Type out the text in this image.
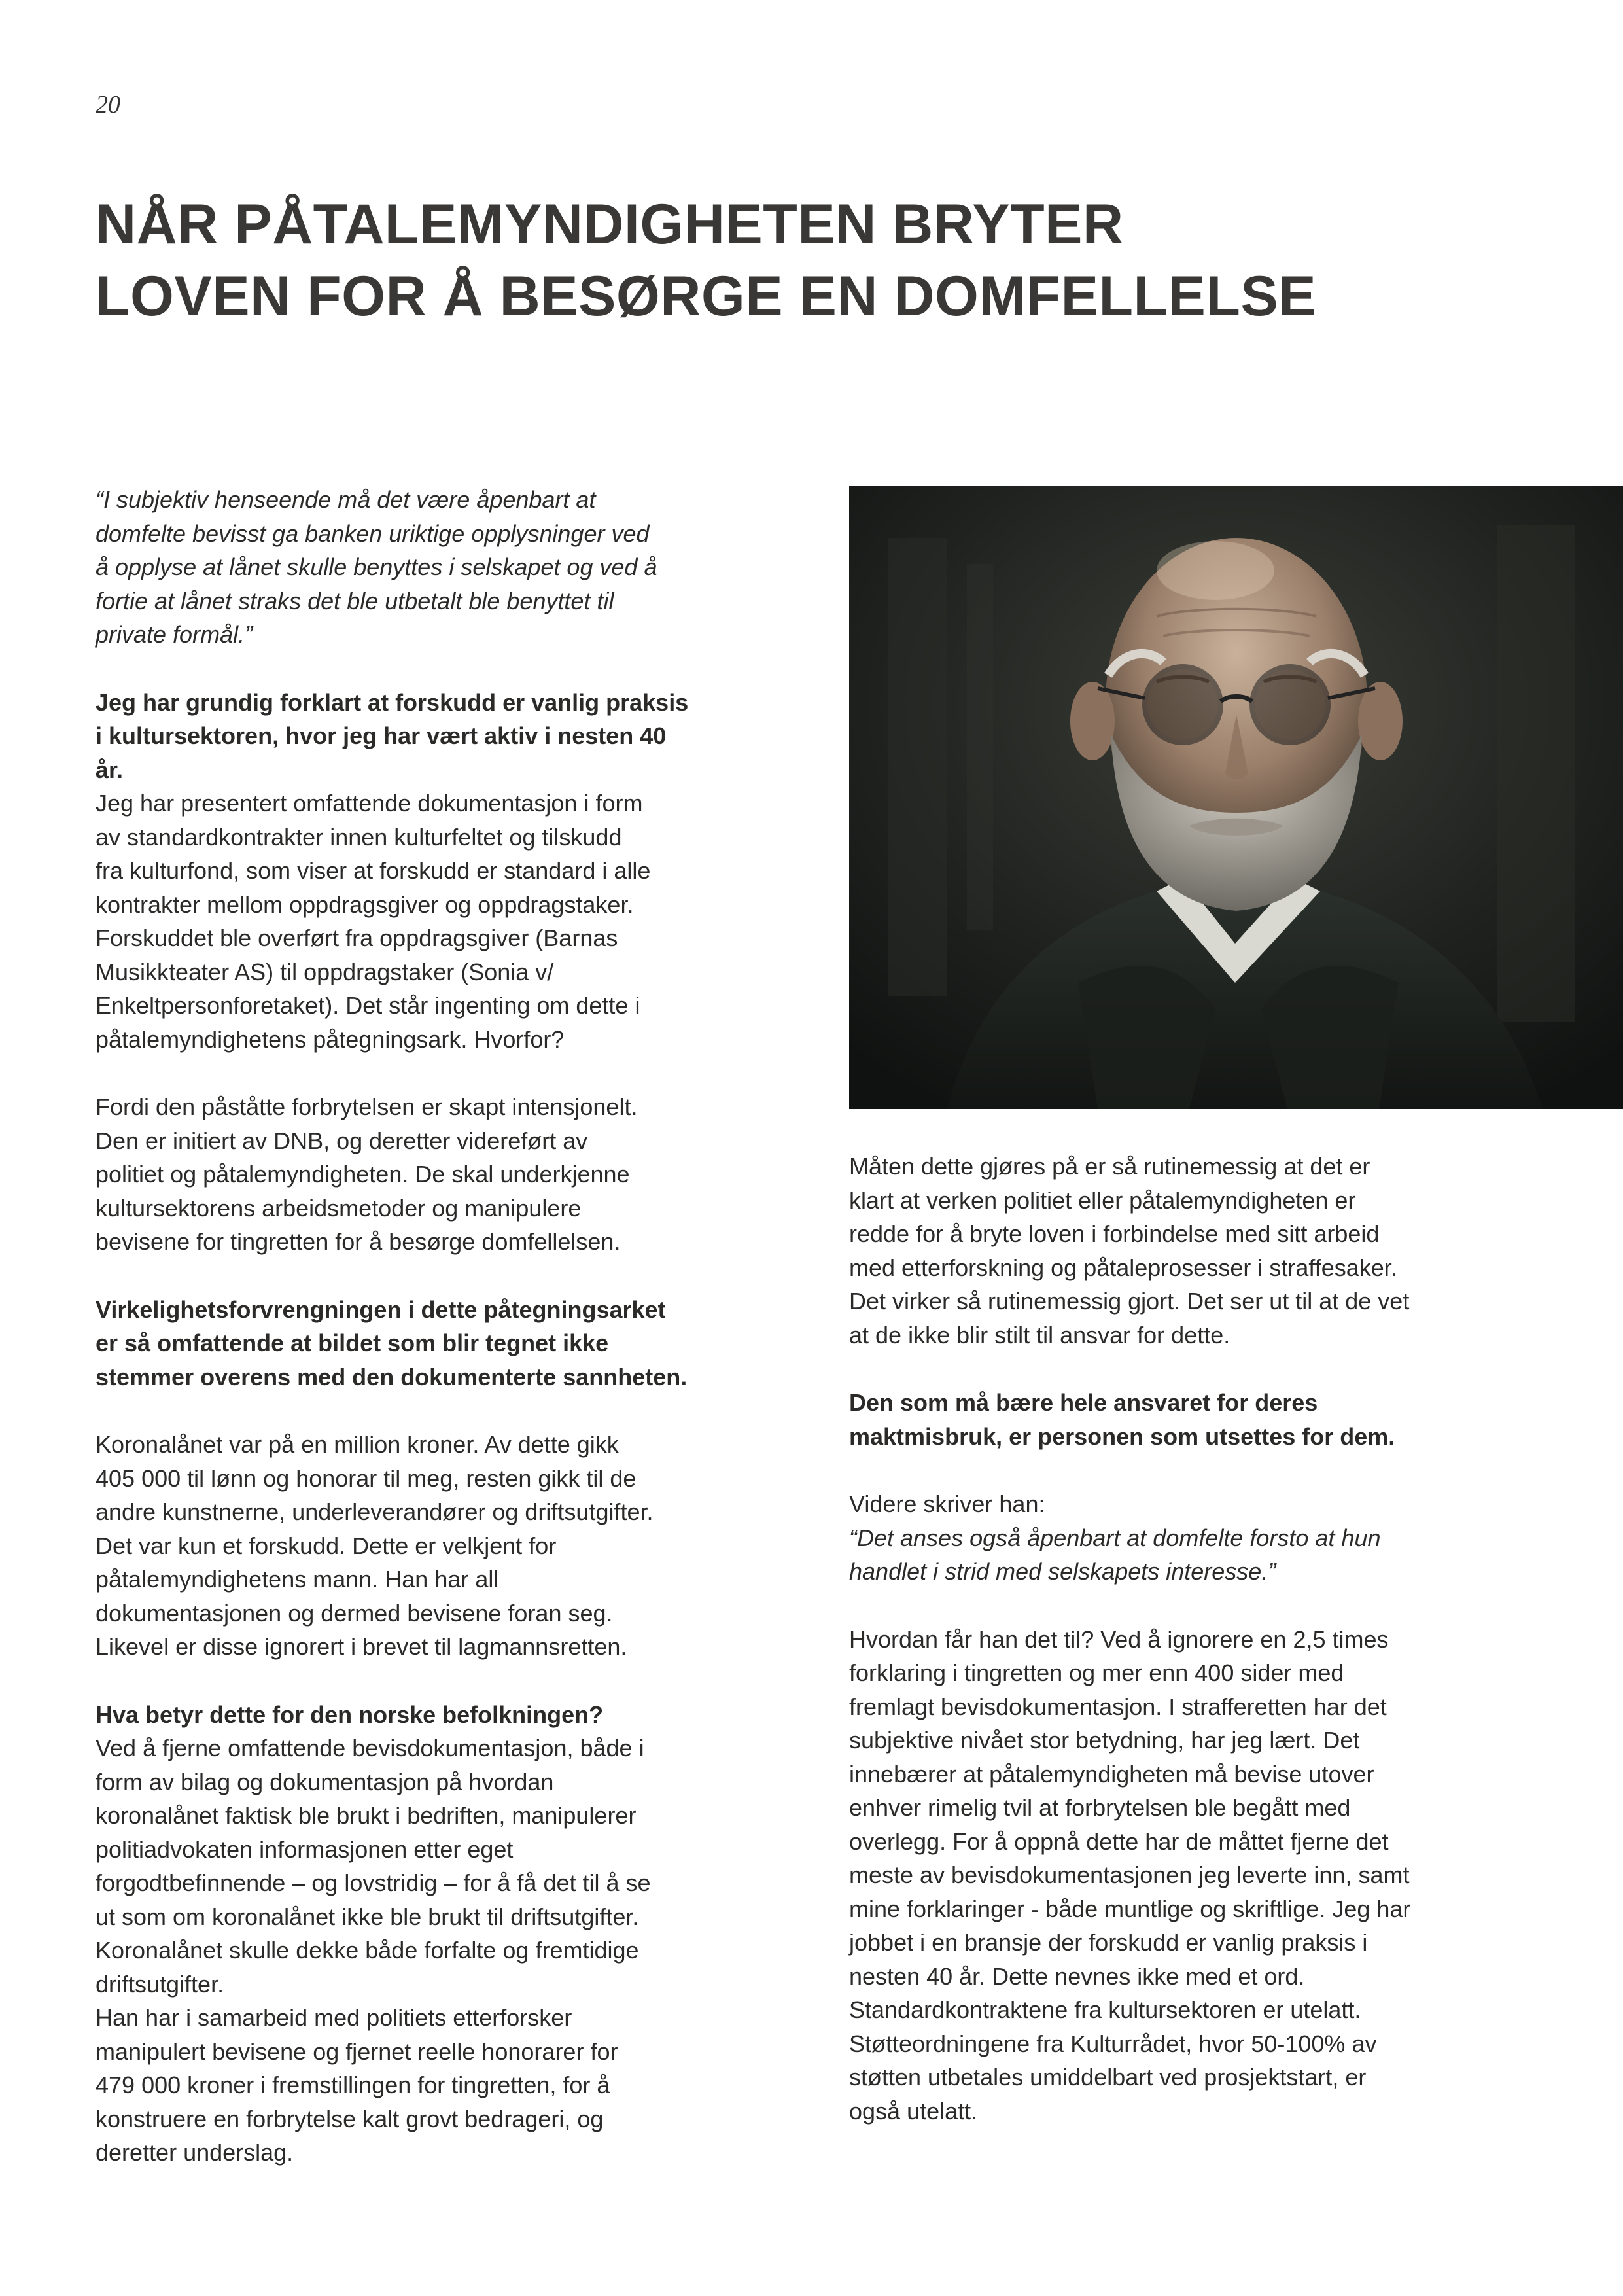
20
NÅR PÅTALEMYNDIGHETEN BRYTER
LOVEN FOR Å BESØRGE EN DOMFELLELSE
“I subjektiv henseende må det være åpenbart at
domfelte bevisst ga banken uriktige opplysninger ved
å opplyse at lånet skulle benyttes i selskapet og ved å
fortie at lånet straks det ble utbetalt ble benyttet til
private formål.”
Jeg har grundig forklart at forskudd er vanlig praksis
i kultursektoren, hvor jeg har vært aktiv i nesten 40
år.
Jeg har presentert omfattende dokumentasjon i form
av standardkontrakter innen kulturfeltet og tilskudd
fra kulturfond, som viser at forskudd er standard i alle
kontrakter mellom oppdragsgiver og oppdragstaker.
Forskuddet ble overført fra oppdragsgiver (Barnas
Musikkteater AS) til oppdragstaker (Sonia v/
Enkeltpersonforetaket). Det står ingenting om dette i
påtalemyndighetens påtegningsark. Hvorfor?
Fordi den påståtte forbrytelsen er skapt intensjonelt.
Den er initiert av DNB, og deretter videreført av
politiet og påtalemyndigheten. De skal underkjenne
kultursektorens arbeidsmetoder og manipulere
bevisene for tingretten for å besørge domfellelsen.
Virkelighetsforvrengningen i dette påtegningsarket
er så omfattende at bildet som blir tegnet ikke
stemmer overens med den dokumenterte sannheten.
Koronalånet var på en million kroner. Av dette gikk
405 000 til lønn og honorar til meg, resten gikk til de
andre kunstnerne, underleverandører og driftsutgifter.
Det var kun et forskudd. Dette er velkjent for
påtalemyndighetens mann. Han har all
dokumentasjonen og dermed bevisene foran seg.
Likevel er disse ignorert i brevet til lagmannsretten.
Hva betyr dette for den norske befolkningen?
Ved å fjerne omfattende bevisdokumentasjon, både i
form av bilag og dokumentasjon på hvordan
koronalånet faktisk ble brukt i bedriften, manipulerer
politiadvokaten informasjonen etter eget
forgodtbefinnende – og lovstridig – for å få det til å se
ut som om koronalånet ikke ble brukt til driftsutgifter.
Koronalånet skulle dekke både forfalte og fremtidige
driftsutgifter.
Han har i samarbeid med politiets etterforsker
manipulert bevisene og fjernet reelle honorarer for
479 000 kroner i fremstillingen for tingretten, for å
konstruere en forbrytelse kalt grovt bedrageri, og
deretter underslag.
Måten dette gjøres på er så rutinemessig at det er
klart at verken politiet eller påtalemyndigheten er
redde for å bryte loven i forbindelse med sitt arbeid
med etterforskning og påtaleprosesser i straffesaker.
Det virker så rutinemessig gjort. Det ser ut til at de vet
at de ikke blir stilt til ansvar for dette.
Den som må bære hele ansvaret for deres
maktmisbruk, er personen som utsettes for dem.

Videre skriver han:

“Det anses også åpenbart at domfelte forsto at hun
handlet i strid med selskapets interesse.”
Hvordan får han det til? Ved å ignorere en 2,5 times
forklaring i tingretten og mer enn 400 sider med
fremlagt bevisdokumentasjon. I strafferetten har det
subjektive nivået stor betydning, har jeg lært. Det
innebærer at påtalemyndigheten må bevise utover
enhver rimelig tvil at forbrytelsen ble begått med
overlegg. For å oppnå dette har de måttet fjerne det
meste av bevisdokumentasjonen jeg leverte inn, samt
mine forklaringer - både muntlige og skriftlige. Jeg har
jobbet i en bransje der forskudd er vanlig praksis i
nesten 40 år. Dette nevnes ikke med et ord.
Standardkontraktene fra kultursektoren er utelatt.
Støtteordningene fra Kulturrådet, hvor 50-100% av
støtten utbetales umiddelbart ved prosjektstart, er
også utelatt.
